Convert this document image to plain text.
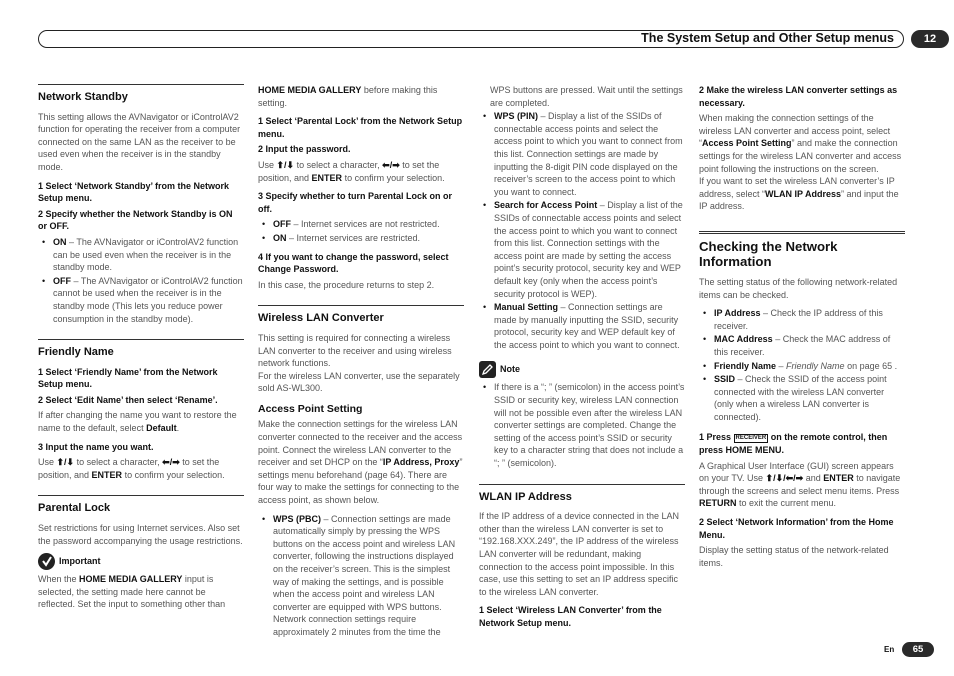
The System Setup and Other Setup menus	12
Network Standby

This setting allows the AVNavigator or iControlAV2 function for operating the receiver from a computer connected on the same LAN as the receiver to be used even when the receiver is in the standby mode.

1 Select ‘Network Standby’ from the Network Setup menu.
2 Specify whether the Network Standby is ON or OFF.
• ON – The AVNavigator or iControlAV2 function can be used even when the receiver is in the standby mode.
• OFF – The AVNavigator or iControlAV2 function cannot be used when the receiver is in the standby mode (This lets you reduce power consumption in the standby mode).
Friendly Name
1 Select ‘Friendly Name’ from the Network Setup menu.
2 Select ‘Edit Name’ then select ‘Rename’.

If after changing the name you want to restore the name to the default, select Default.

3 Input the name you want.

Use ⬆/⬇ to select a character, ⬅/➡ to set the position, and ENTER to confirm your selection.

Parental Lock

Set restrictions for using Internet services. Also set the password accompanying the usage restrictions.

Important

When the HOME MEDIA GALLERY input is selected, the setting made here cannot be reflected. Set the input to something other than

HOME MEDIA GALLERY before making this setting.

1 Select ‘Parental Lock’ from the Network Setup menu.
2 Input the password.

Use ⬆/⬇ to select a character, ⬅/➡ to set the position, and ENTER to confirm your selection.

3 Specify whether to turn Parental Lock on or off.
• OFF – Internet services are not restricted.
• ON – Internet services are restricted.
4 If you want to change the password, select Change Password.

In this case, the procedure returns to step 2.

Wireless LAN Converter

This setting is required for connecting a wireless LAN converter to the receiver and using wireless network functions.

For the wireless LAN converter, use the separately sold AS-WL300.

Access Point Setting

Make the connection settings for the wireless LAN converter connected to the receiver and the access point. Connect the wireless LAN converter to the receiver and set DHCP on the “IP Address, Proxy” settings menu beforehand (page 64). There are four way to make the settings for connecting to the access point, as shown below.

• WPS (PBC) – Connection settings are made automatically simply by pressing the WPS buttons on the access point and wireless LAN converter, following the instructions displayed on the receiver’s screen. This is the simplest way of making the settings, and is possible when the access point and wireless LAN converter are equipped with WPS buttons. Network connection settings require approximately 2 minutes from the time the

WPS buttons are pressed. Wait until the settings are completed.

• WPS (PIN) – Display a list of the SSIDs of connectable access points and select the access point to which you want to connect from this list. Connection settings are made by inputting the 8-digit PIN code displayed on the receiver’s screen to the access point to which you want to connect.
• Search for Access Point – Display a list of the SSIDs of connectable access points and select the access point to which you want to connect from this list. Connection settings with the access point are made by setting the access point’s security protocol, security key and WEP default key (only when the access point’s security protocol is WEP).
• Manual Setting – Connection settings are made by manually inputting the SSID, security protocol, security key and WEP default key of the access point to which you want to connect.
Note
• If there is a “; ” (semicolon) in the access point’s SSID or security key, wireless LAN connection will not be possible even after the wireless LAN converter settings are completed. Change the setting of the access point’s SSID or security key to a character string that does not include a “; ” (semicolon).
WLAN IP Address

If the IP address of a device connected in the LAN other than the wireless LAN converter is set to “192.168.XXX.249”, the IP address of the wireless LAN converter will be redundant, making connection to the access point impossible. In this case, use this setting to set an IP address specific to the wireless LAN converter.

1 Select ‘Wireless LAN Converter’ from the Network Setup menu.
2 Make the wireless LAN converter settings as necessary.

When making the connection settings of the wireless LAN converter and access point, select “Access Point Setting” and make the connection settings for the wireless LAN converter and access point following the instructions on the screen.

If you want to set the wireless LAN converter’s IP address, select “WLAN IP Address” and input the IP address.

Checking the Network Information

The setting status of the following network-related items can be checked.

• IP Address – Check the IP address of this receiver.
• MAC Address – Check the MAC address of this receiver.
• Friendly Name – Friendly Name on page 65 .
• SSID – Check the SSID of the access point connected with the wireless LAN converter (only when a wireless LAN converter is connected).
1 Press RECEIVER on the remote control, then press HOME MENU.

A Graphical User Interface (GUI) screen appears on your TV. Use ⬆/⬇/⬅/➡ and ENTER to navigate through the screens and select menu items. Press RETURN to exit the current menu.

2 Select ‘Network Information’ from the Home Menu.

Display the setting status of the network-related items.

En	65
